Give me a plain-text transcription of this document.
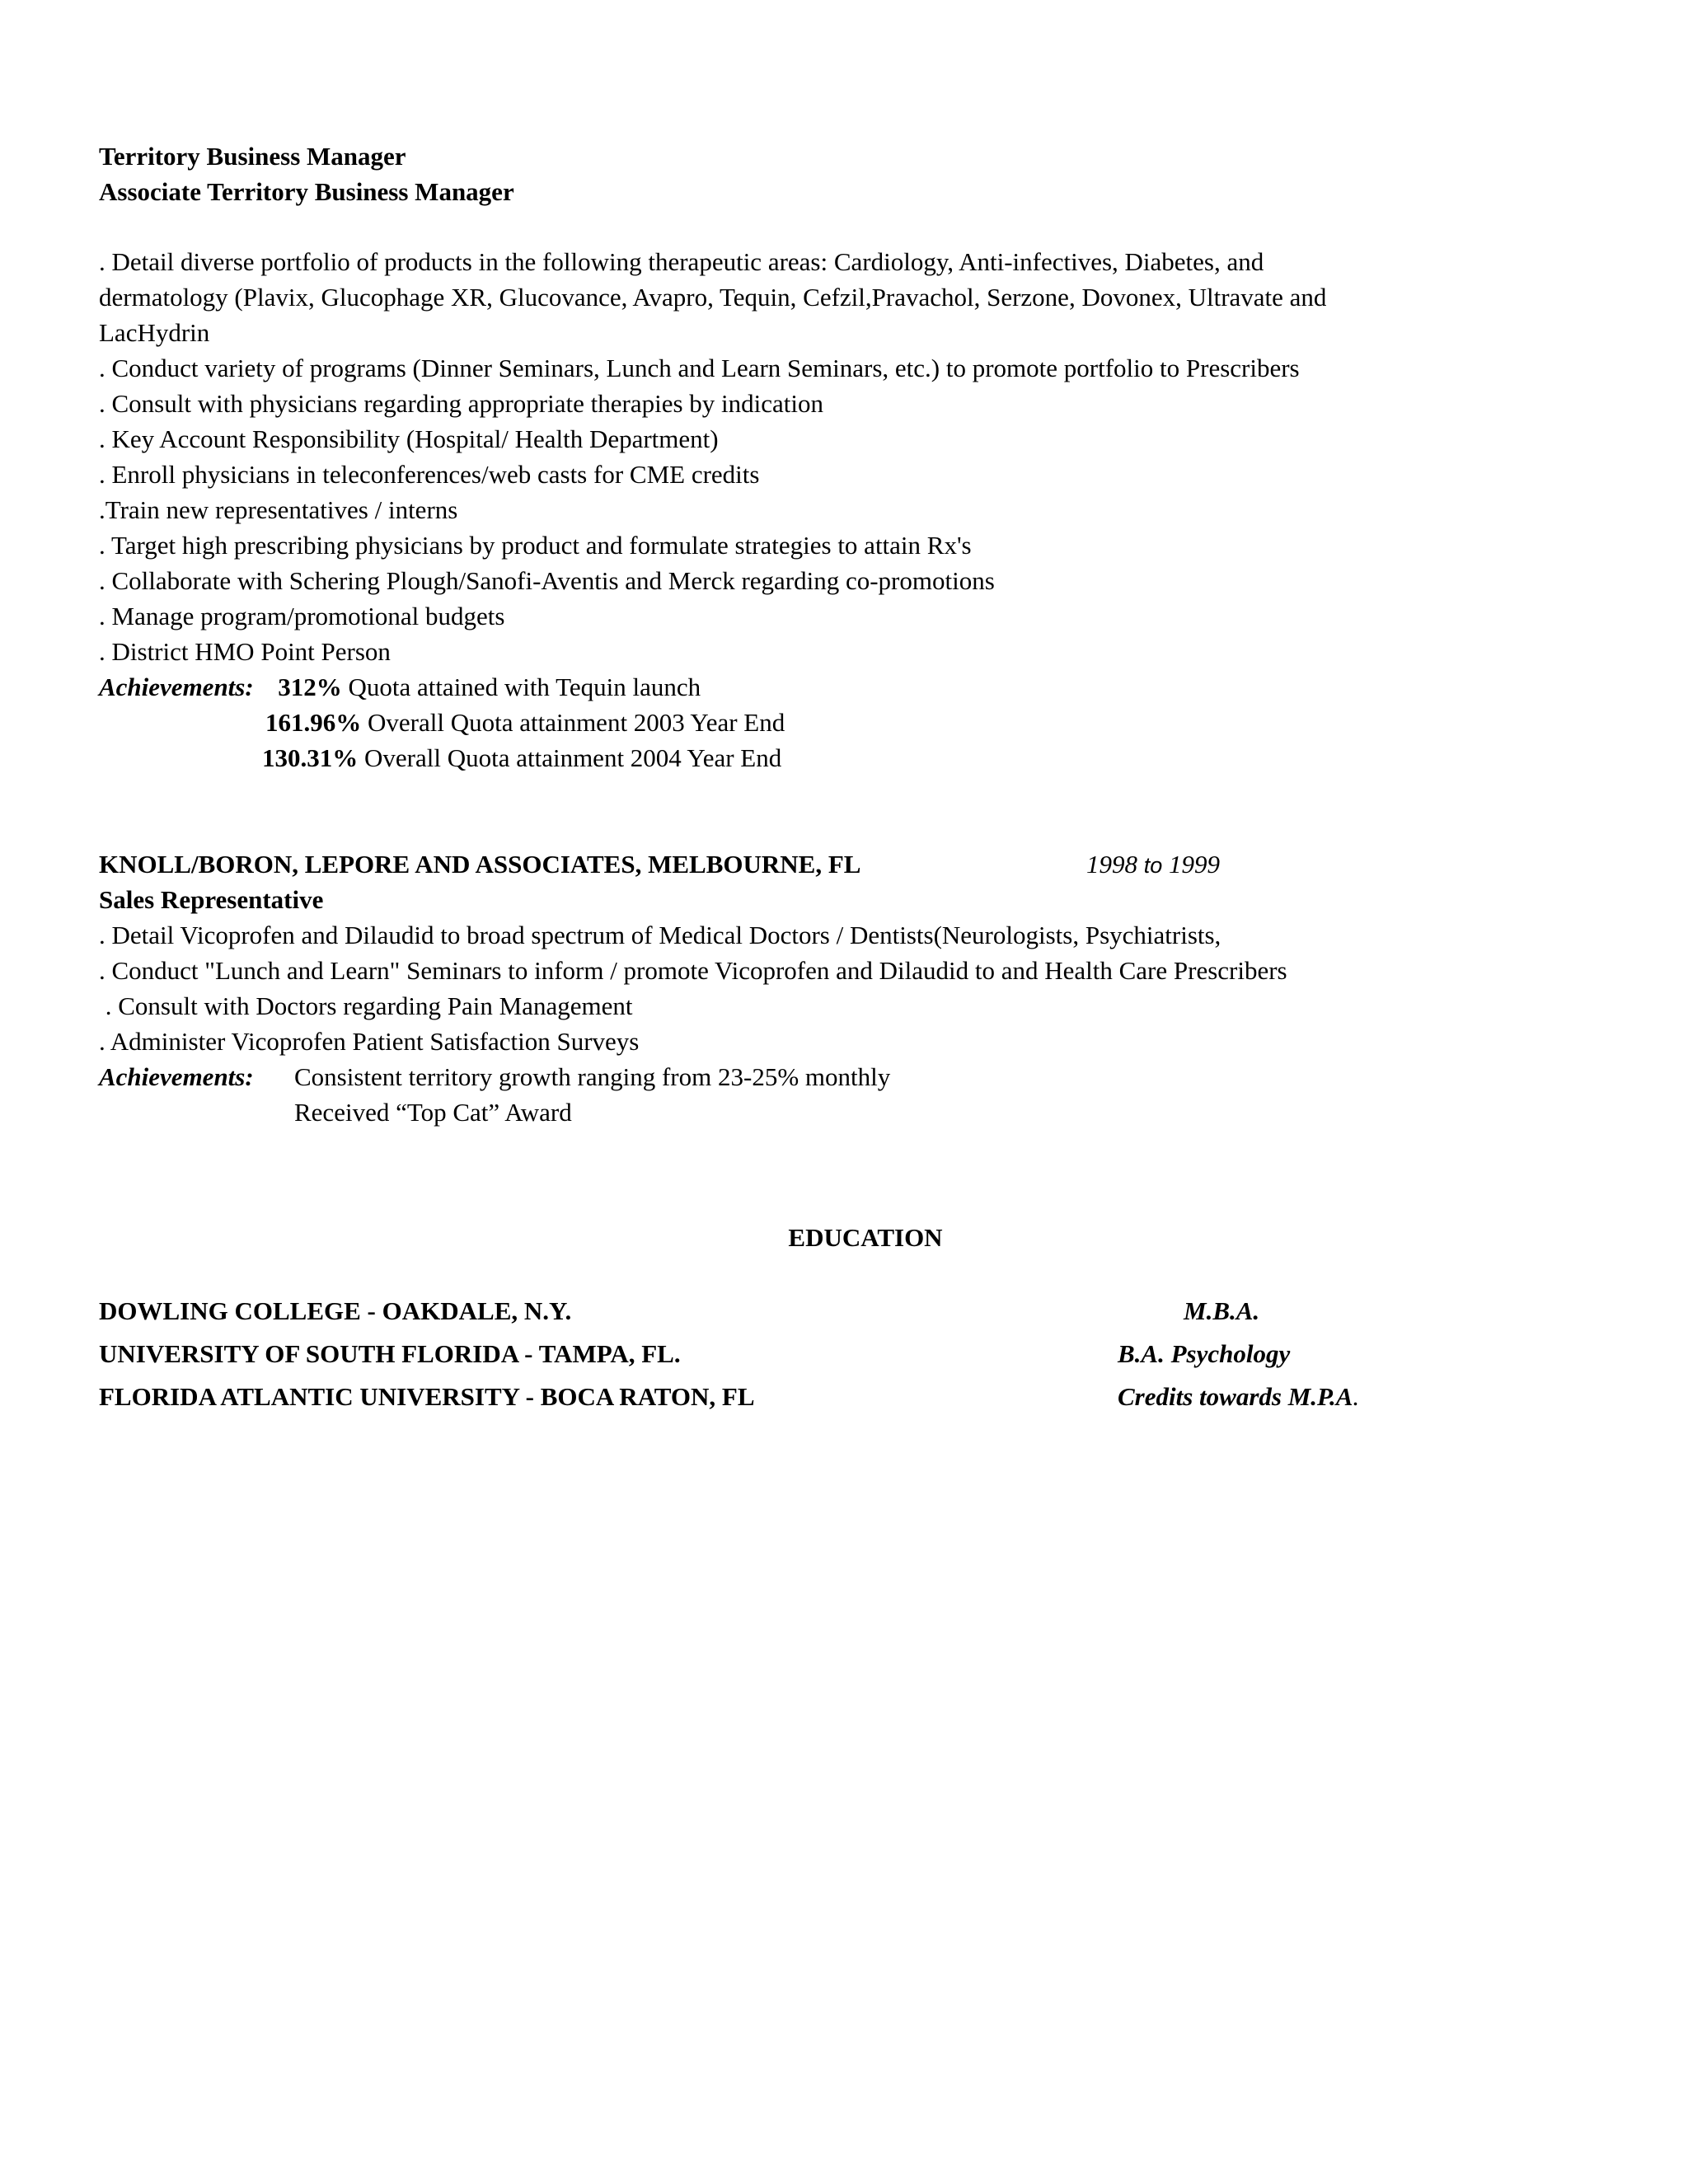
Territory Business Manager
Associate Territory Business Manager
. Detail diverse portfolio of products in the following therapeutic areas: Cardiology, Anti-infectives, Diabetes, and
dermatology (Plavix, Glucophage XR, Glucovance, Avapro, Tequin, Cefzil,Pravachol, Serzone, Dovonex, Ultravate and
LacHydrin
. Conduct variety of programs (Dinner Seminars, Lunch and Learn Seminars, etc.) to promote portfolio to Prescribers
. Consult with physicians regarding appropriate therapies by indication
. Key Account Responsibility (Hospital/ Health Department)
. Enroll physicians in teleconferences/web casts for CME credits
.Train new representatives / interns
. Target high prescribing physicians by product and formulate strategies to attain Rx's
. Collaborate with Schering Plough/Sanofi-Aventis and Merck regarding co-promotions
. Manage program/promotional budgets
. District HMO Point Person
Achievements: 312% Quota attained with Tequin launch
161.96% Overall Quota attainment 2003 Year End
130.31% Overall Quota attainment 2004 Year End
KNOLL/BORON, LEPORE AND ASSOCIATES, MELBOURNE, FL	1998 to 1999
Sales Representative
. Detail Vicoprofen and Dilaudid to broad spectrum of Medical Doctors / Dentists(Neurologists, Psychiatrists,
. Conduct "Lunch and Learn" Seminars to inform / promote Vicoprofen and Dilaudid to and Health Care Prescribers
. Consult with Doctors regarding Pain Management
. Administer Vicoprofen Patient Satisfaction Surveys
Achievements: Consistent territory growth ranging from 23-25% monthly
Received “Top Cat” Award
EDUCATION
DOWLING COLLEGE - OAKDALE, N.Y.	M.B.A.
UNIVERSITY OF SOUTH FLORIDA - TAMPA, FL.	B.A. Psychology
FLORIDA ATLANTIC UNIVERSITY - BOCA RATON, FL	Credits towards M.P.A.
